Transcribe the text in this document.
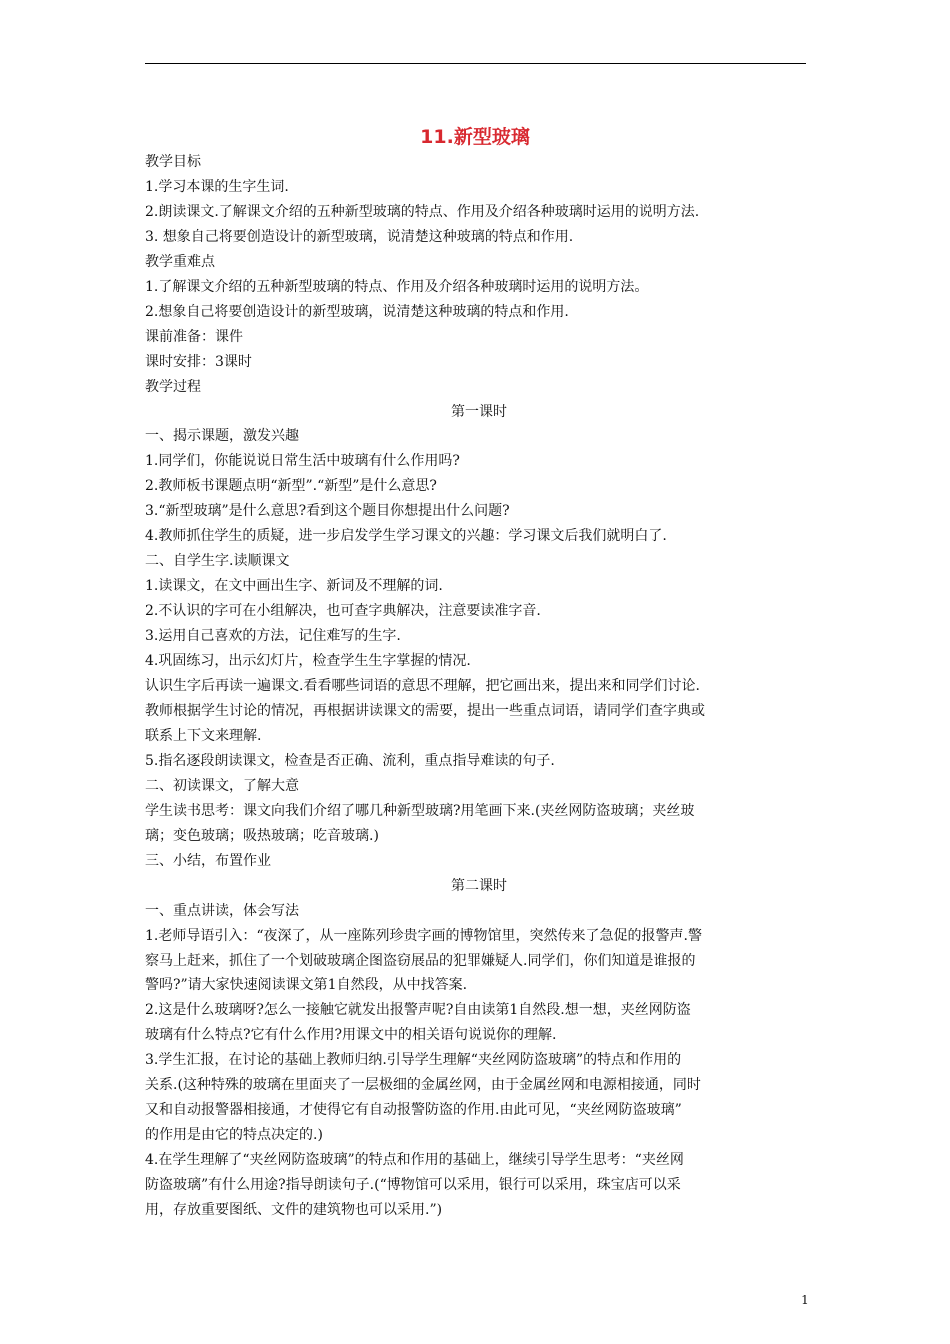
11.新型玻璃

教学目标

1.学习本课的生字生词.

2.朗读课文.了解课文介绍的五种新型玻璃的特点、作用及介绍各种玻璃时运用的说明方法.

3. 想象自己将要创造设计的新型玻璃，说清楚这种玻璃的特点和作用.

教学重难点

1.了解课文介绍的五种新型玻璃的特点、作用及介绍各种玻璃时运用的说明方法。

2.想象自己将要创造设计的新型玻璃，说清楚这种玻璃的特点和作用.

课前准备：课件

课时安排：3课时

教学过程

第一课时

一、揭示课题，激发兴趣

1.同学们，你能说说日常生活中玻璃有什么作用吗?

2.教师板书课题点明“新型”.“新型”是什么意思?

3.“新型玻璃”是什么意思?看到这个题目你想提出什么问题?

4.教师抓住学生的质疑，进一步启发学生学习课文的兴趣：学习课文后我们就明白了.

二、自学生字.读顺课文

1.读课文，在文中画出生字、新词及不理解的词.

2.不认识的字可在小组解决，也可查字典解决，注意要读准字音.

3.运用自己喜欢的方法，记住难写的生字.

4.巩固练习，出示幻灯片，检查学生生字掌握的情况.

认识生字后再读一遍课文.看看哪些词语的意思不理解，把它画出来，提出来和同学们讨论.

教师根据学生讨论的情况，再根据讲读课文的需要，提出一些重点词语，请同学们查字典或

联系上下文来理解.

5.指名逐段朗读课文，检查是否正确、流利，重点指导难读的句子.

二、初读课文，了解大意

学生读书思考：课文向我们介绍了哪几种新型玻璃?用笔画下来.(夹丝网防盗玻璃；夹丝玻

璃；变色玻璃；吸热玻璃；吃音玻璃.)

三、小结，布置作业

第二课时

一、重点讲读，体会写法

1.老师导语引入：“夜深了，从一座陈列珍贵字画的博物馆里，突然传来了急促的报警声.警

察马上赶来，抓住了一个划破玻璃企图盗窃展品的犯罪嫌疑人.同学们，你们知道是谁报的

警吗?”请大家快速阅读课文第1自然段，从中找答案.

2.这是什么玻璃呀?怎么一接触它就发出报警声呢?自由读第1自然段.想一想，夹丝网防盗

玻璃有什么特点?它有什么作用?用课文中的相关语句说说你的理解.

3.学生汇报，在讨论的基础上教师归纳.引导学生理解“夹丝网防盗玻璃”的特点和作用的

关系.(这种特殊的玻璃在里面夹了一层极细的金属丝网，由于金属丝网和电源相接通，同时

又和自动报警器相接通，才使得它有自动报警防盗的作用.由此可见，“夹丝网防盗玻璃”

的作用是由它的特点决定的.)

4.在学生理解了“夹丝网防盗玻璃”的特点和作用的基础上，继续引导学生思考：“夹丝网

防盗玻璃”有什么用途?指导朗读句子.(“博物馆可以采用，银行可以采用，珠宝店可以采

用，存放重要图纸、文件的建筑物也可以采用.”)

1
